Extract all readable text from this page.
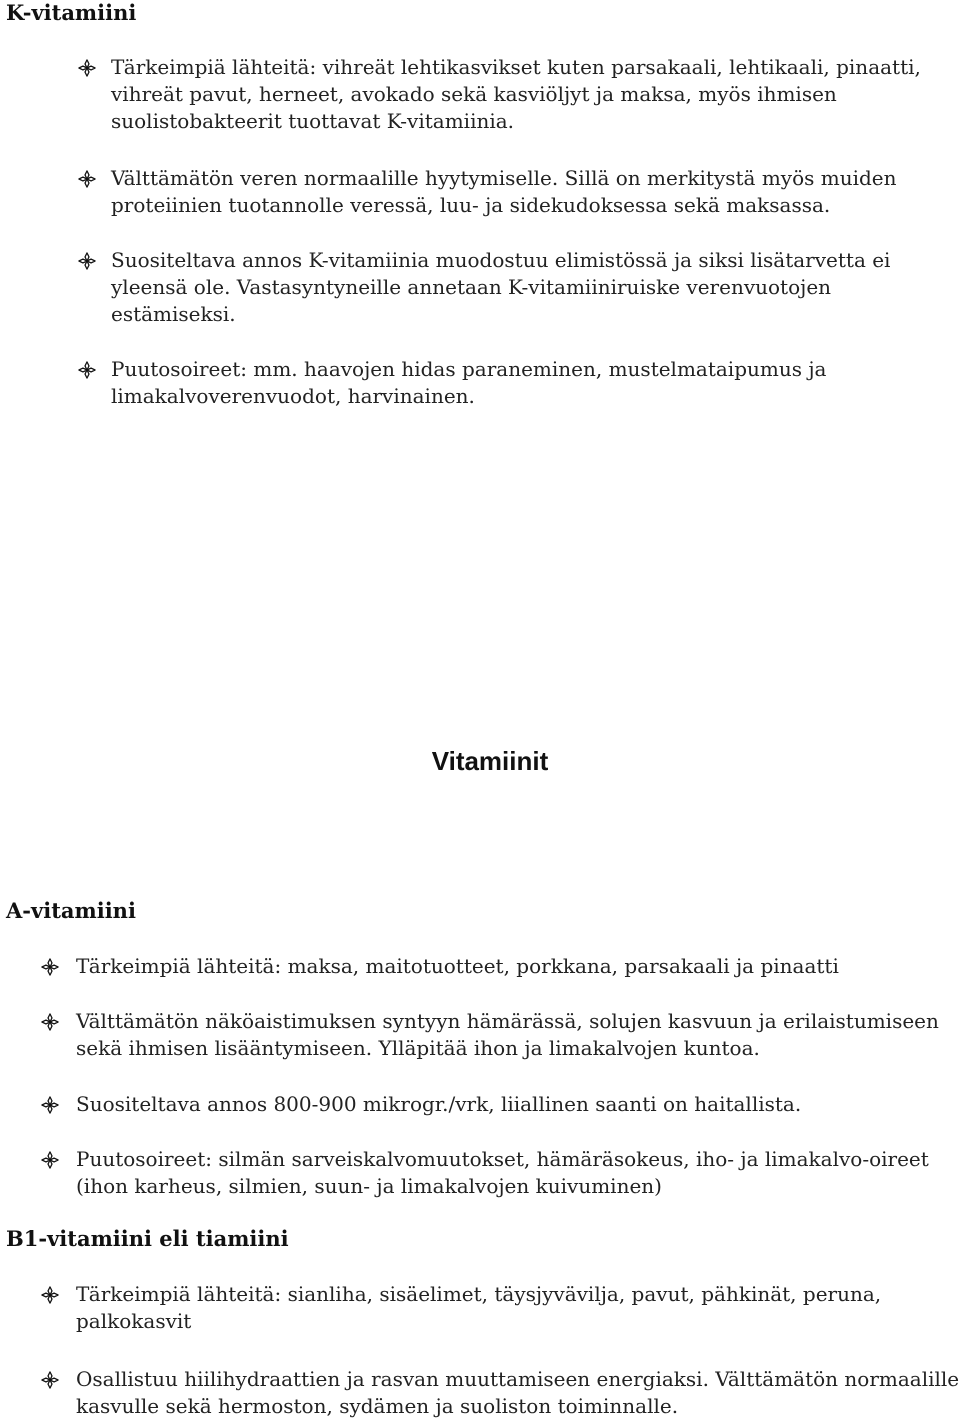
K-vitamiini
Tärkeimpiä lähteitä: vihreät lehtikasvikset kuten parsakaali, lehtikaali, pinaatti, vihreät pavut, herneet, avokado sekä kasviöljyt ja maksa, myös ihmisen suolistobakteerit tuottavat K-vitamiinia.
Välttämätön veren normaalille hyytymiselle. Sillä on merkitystä myös muiden proteiinien tuotannolle veressä, luu- ja sidekudoksessa sekä maksassa.
Suositeltava annos K-vitamiinia muodostuu elimistössä ja siksi lisätarvetta ei yleensä ole. Vastasyntyneille annetaan K-vitamiiniruiske verenvuotojen estämiseksi.
Puutosoireet: mm. haavojen hidas paraneminen, mustelmataipumus ja limakalvoverenvuodot, harvinainen.
Vitamiinit
A-vitamiini
Tärkeimpiä lähteitä: maksa, maitotuotteet, porkkana, parsakaali ja pinaatti
Välttämätön näköaistimuksen syntyyn hämärässä, solujen kasvuun ja erilaistumiseen sekä ihmisen lisääntymiseen. Ylläpitää ihon ja limakalvojen kuntoa.
Suositeltava annos 800-900 mikrogr./vrk, liiallinen saanti on haitallista.
Puutosoireet: silmän sarveiskalvomuutokset, hämäräsokeus, iho- ja limakalvo-oireet (ihon karheus, silmien, suun- ja limakalvojen kuivuminen)
B1-vitamiini eli tiamiini
Tärkeimpiä lähteitä: sianliha, sisäelimet, täysjyvävilja, pavut, pähkinät, peruna, palkokasvit
Osallistuu hiilihydraattien ja rasvan muuttamiseen energiaksi. Välttämätön normaalille kasvulle sekä hermoston, sydämen ja suoliston toiminnalle.
